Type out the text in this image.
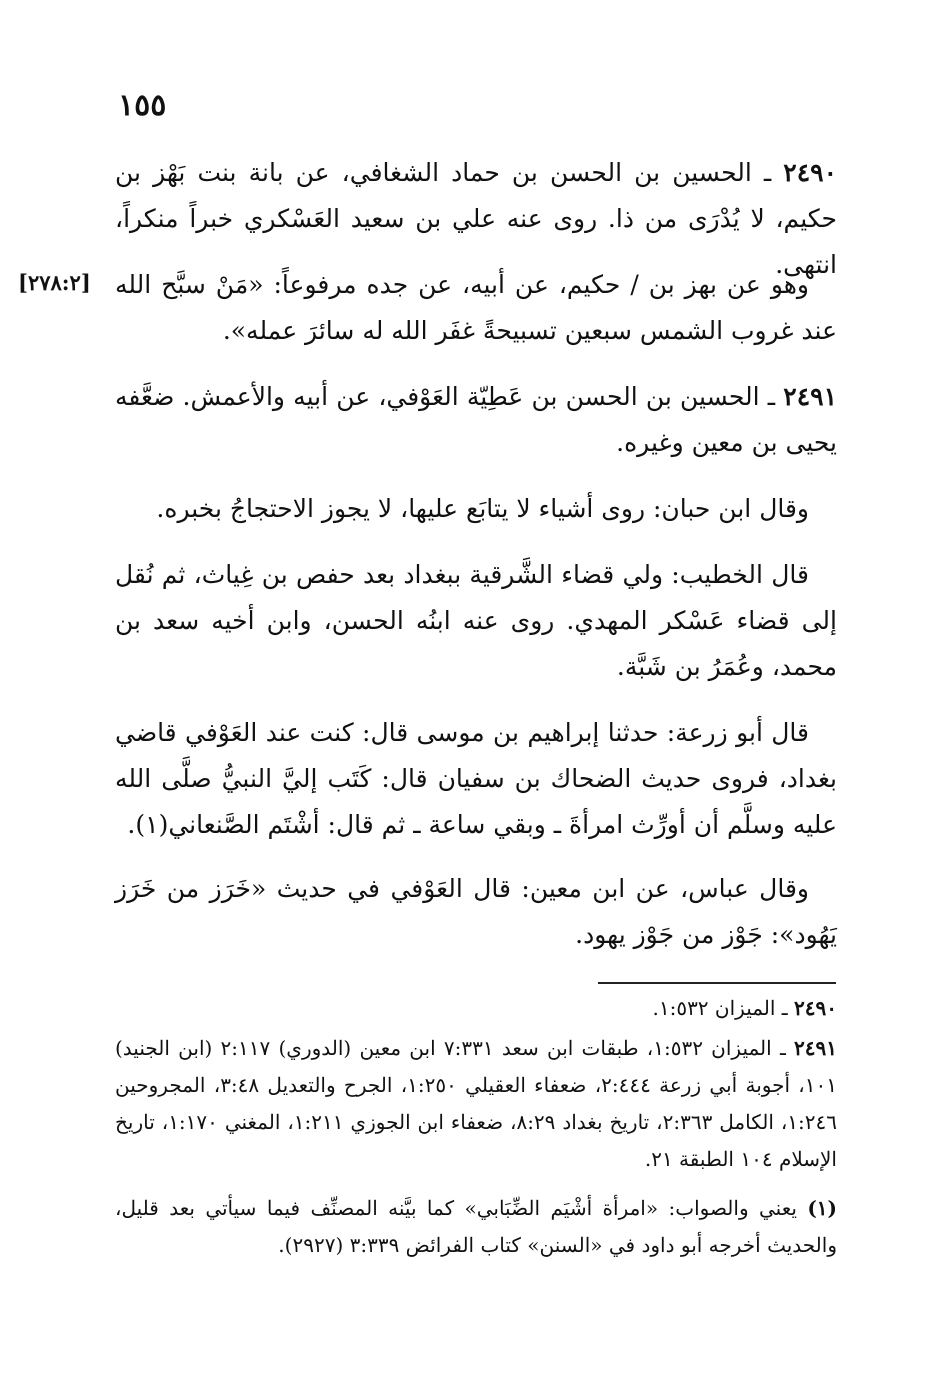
١٥٥
[٢٧٨:٢]

٢٤٩٠ ـ الحسين بن الحسن بن حماد الشغافي، عن بانة بنت بَهْز بن حكيم، لا يُدْرَى من ذا. روى عنه علي بن سعيد العَسْكري خبراً منكراً، انتهى.

وهو عن بهز بن / حكيم، عن أبيه، عن جده مرفوعاً: «مَنْ سبَّح الله عند غروب الشمس سبعين تسبيحةً غفَر الله له سائرَ عمله».

٢٤٩١ ـ الحسين بن الحسن بن عَطِيّة العَوْفي، عن أبيه والأعمش. ضعَّفه يحيى بن معين وغيره.

وقال ابن حبان: روى أشياء لا يتابَع عليها، لا يجوز الاحتجاجُ بخبره.

قال الخطيب: ولي قضاء الشَّرقية ببغداد بعد حفص بن غِياث، ثم نُقل إلى قضاء عَسْكر المهدي. روى عنه ابنُه الحسن، وابن أخيه سعد بن محمد، وعُمَرُ بن شَبَّة.

قال أبو زرعة: حدثنا إبراهيم بن موسى قال: كنت عند العَوْفي قاضي بغداد، فروى حديث الضحاك بن سفيان قال: كَتَب إليَّ النبيُّ صلَّى الله عليه وسلَّم أن أورِّث امرأةَ ـ وبقي ساعة ـ ثم قال: أشْتَم الصَّنعاني(١).

وقال عباس، عن ابن معين: قال العَوْفي في حديث «خَرَز من خَرَز يَهُود»: جَوْز من جَوْز يهود.

٢٤٩٠ ـ الميزان ١:٥٣٢.

٢٤٩١ ـ الميزان ١:٥٣٢، طبقات ابن سعد ٧:٣٣١ ابن معين (الدوري) ٢:١١٧ (ابن الجنيد) ١٠١، أجوبة أبي زرعة ٢:٤٤٤، ضعفاء العقيلي ١:٢٥٠، الجرح والتعديل ٣:٤٨، المجروحين ١:٢٤٦، الكامل ٢:٣٦٣، تاريخ بغداد ٨:٢٩، ضعفاء ابن الجوزي ١:٢١١، المغني ١:١٧٠، تاريخ الإسلام ١٠٤ الطبقة ٢١.

(١) يعني والصواب: «امرأة أشْيَم الضِّبَابي» كما بيَّنه المصنِّف فيما سيأتي بعد قليل، والحديث أخرجه أبو داود في «السنن» كتاب الفرائض ٣:٣٣٩ (٢٩٢٧).
